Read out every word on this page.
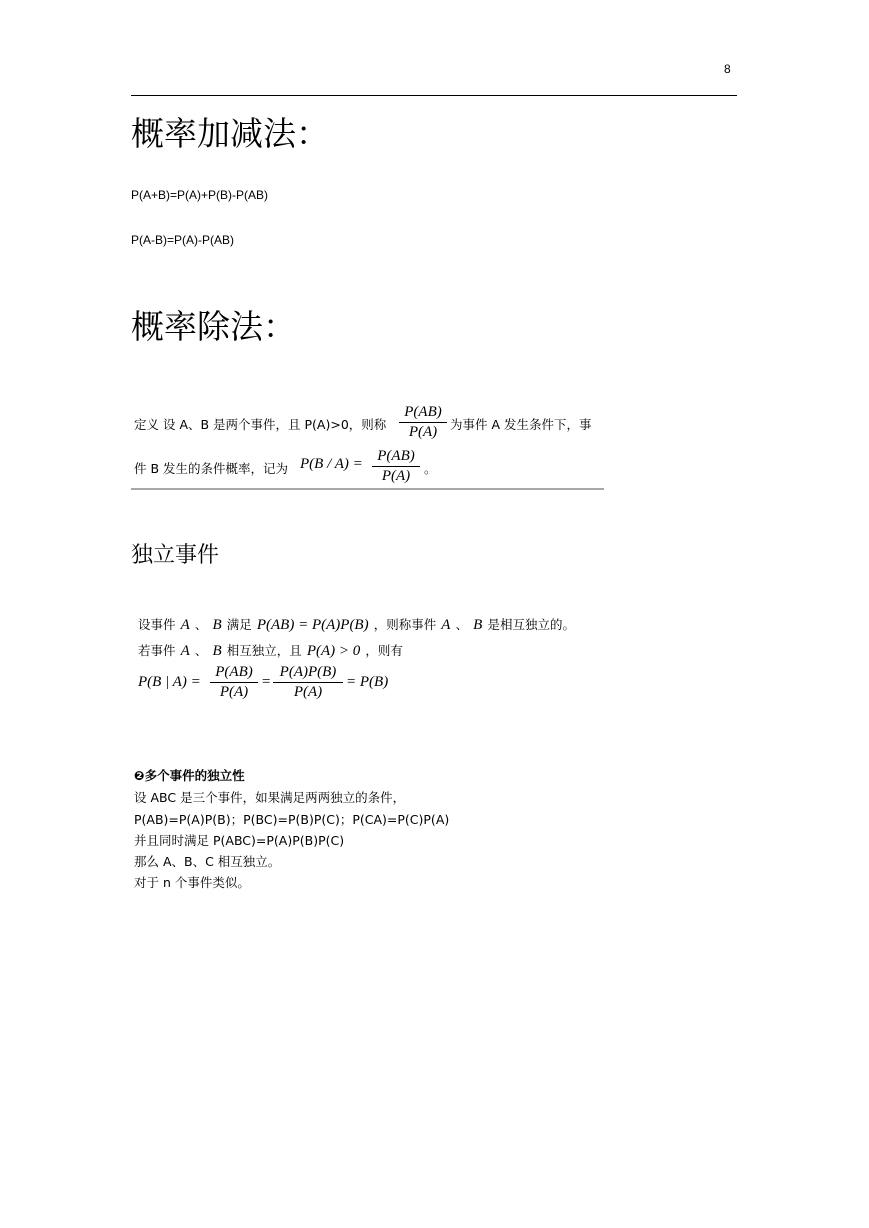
8
概率加减法：
P(A+B)=P(A)+P(B)-P(AB)
P(A-B)=P(A)-P(AB)
概率除法：
定义 设 A、B 是两个事件，且 P(A)>0，则称
P(AB)
P(A)	为事件 A 发生条件下，事
件 B 发生的条件概率，记为 P(B / A) = P(AB)
P(A)	。
独立事件
设事件 A 、 B 满足 P(AB) = P(A)P(B) ，则称事件 A 、 B 是相互独立的。
若事件 A 、 B 相互独立，且 P(A) > 0 ，则有
P(B | A) =
P(AB)
P(A)
=
P(A)P(B)
P(A)
= P(B)
❷多个事件的独立性
设 ABC 是三个事件，如果满足两两独立的条件，
P(AB)=P(A)P(B)；P(BC)=P(B)P(C)；P(CA)=P(C)P(A)
并且同时满足 P(ABC)=P(A)P(B)P(C)
那么 A、B、C 相互独立。
对于 n 个事件类似。
